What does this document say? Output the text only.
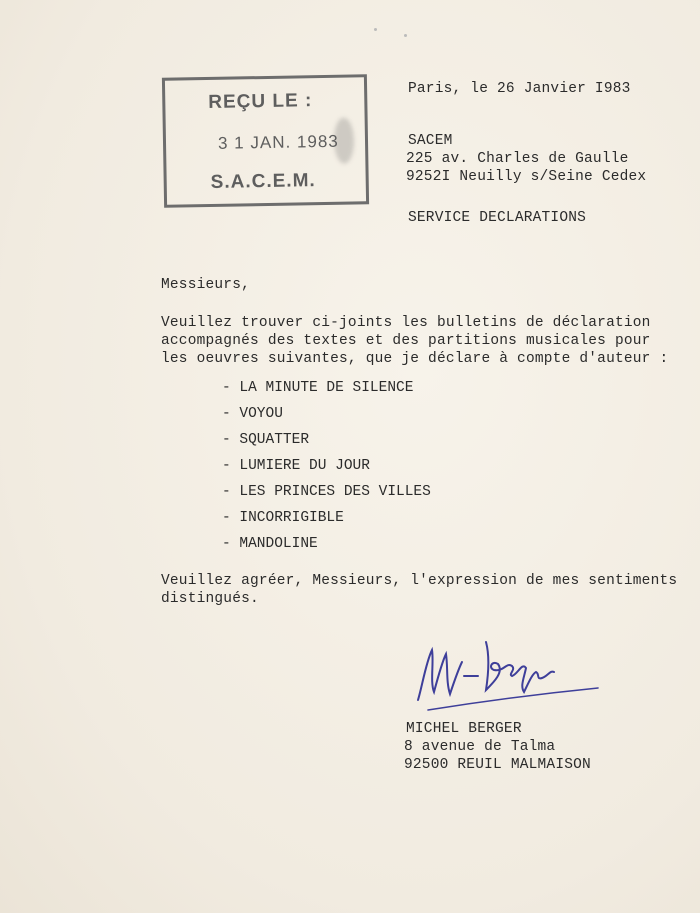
REÇU LE :
3 1 JAN. 1983
S.A.C.E.M.
Paris, le 26 Janvier I983
SACEM
225 av. Charles de Gaulle
9252I Neuilly s/Seine Cedex
SERVICE DECLARATIONS
Messieurs,
Veuillez trouver ci-joints les bulletins de déclaration
accompagnés des textes et des partitions musicales pour
les oeuvres suivantes, que je déclare à compte d'auteur :
- LA MINUTE DE SILENCE
- VOYOU
- SQUATTER
- LUMIERE DU JOUR
- LES PRINCES DES VILLES
- INCORRIGIBLE
- MANDOLINE
Veuillez agréer, Messieurs, l'expression de mes sentiments
distingués.
MICHEL BERGER
8 avenue de Talma
92500 REUIL MALMAISON
